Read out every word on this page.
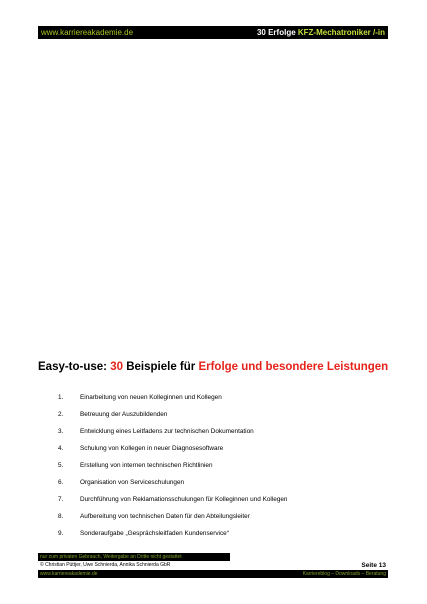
www.karriereakademie.de	30 Erfolge KFZ-Mechatroniker /-in
Easy-to-use: 30 Beispiele für Erfolge und besondere Leistungen
1.	Einarbeitung von neuen Kolleginnen und Kollegen
2.	Betreuung der Auszubildenden
3.	Entwicklung eines Leitfadens zur technischen Dokumentation
4.	Schulung von Kollegen in neuer Diagnosesoftware
5.	Erstellung von internen technischen Richtlinien
6.	Organisation von Serviceschulungen
7.	Durchführung von Reklamationsschulungen für Kolleginnen und Kollegen
8.	Aufbereitung von technischen Daten für den Abteilungsleiter
9.	Sonderaufgabe „Gesprächsleitfaden Kundenservice“
nur zum privaten Gebrauch, Weitergabe an Dritte nicht gestattet
© Christian Püttjer, Uwe Schnierda, Annika Schnierda GbR	Seite 13
www.karriereakademie.de	Karriereblog – Downloads – Beratung
